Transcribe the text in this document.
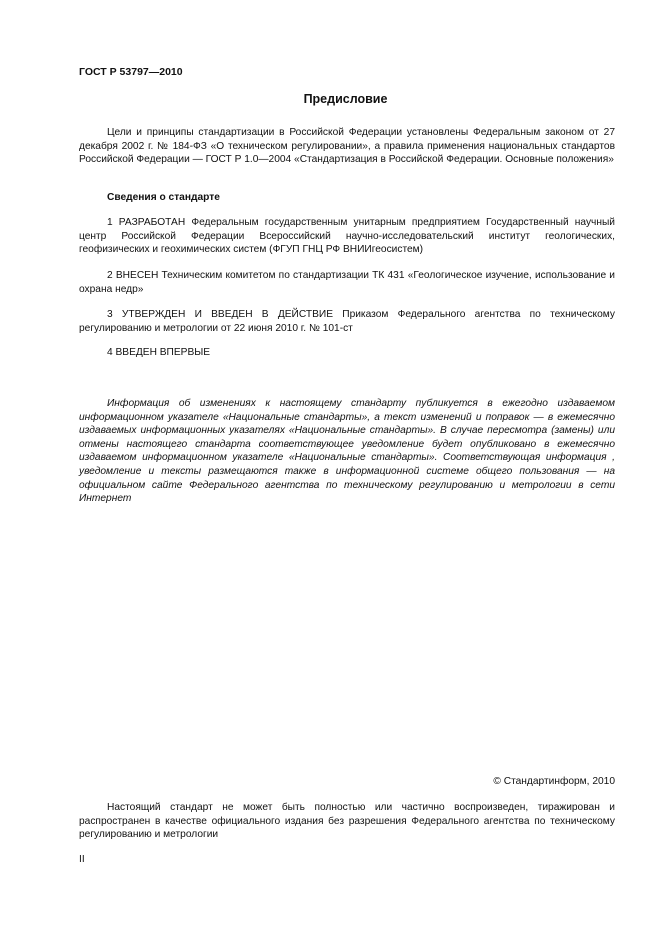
ГОСТ Р 53797—2010
Предисловие

Цели и принципы стандартизации в Российской Федерации установлены Федеральным законом от 27 декабря 2002 г. № 184-ФЗ «О техническом регулировании», а правила применения национальных стандартов Российской Федерации — ГОСТ Р 1.0—2004 «Стандартизация в Российской Федерации. Основные положения»

Сведения о стандарте

1 РАЗРАБОТАН Федеральным государственным унитарным предприятием Государственный научный центр Российской Федерации Всероссийский научно-исследовательский институт геологических, геофизических и геохимических систем (ФГУП ГНЦ РФ ВНИИгеосистем)

2 ВНЕСЕН Техническим комитетом по стандартизации ТК 431 «Геологическое изучение, использование и охрана недр»

3 УТВЕРЖДЕН И ВВЕДЕН В ДЕЙСТВИЕ Приказом Федерального агентства по техническому регулированию и метрологии от 22 июня 2010 г. № 101-ст

4 ВВЕДЕН ВПЕРВЫЕ

Информация об изменениях к настоящему стандарту публикуется в ежегодно издаваемом информационном указателе «Национальные стандарты», а текст изменений и поправок — в ежемесячно издаваемых информационных указателях «Национальные стандарты». В случае пересмотра (замены) или отмены настоящего стандарта соответствующее уведомление будет опубликовано в ежемесячно издаваемом информационном указателе «Национальные стандарты». Соответствующая информация , уведомление и тексты размещаются также в информационной системе общего пользования — на официальном сайте Федерального агентства по техническому регулированию и метрологии в сети Интернет

© Стандартинформ, 2010

Настоящий стандарт не может быть полностью или частично воспроизведен, тиражирован и распространен в качестве официального издания без разрешения Федерального агентства по техническому регулированию и метрологии

II
